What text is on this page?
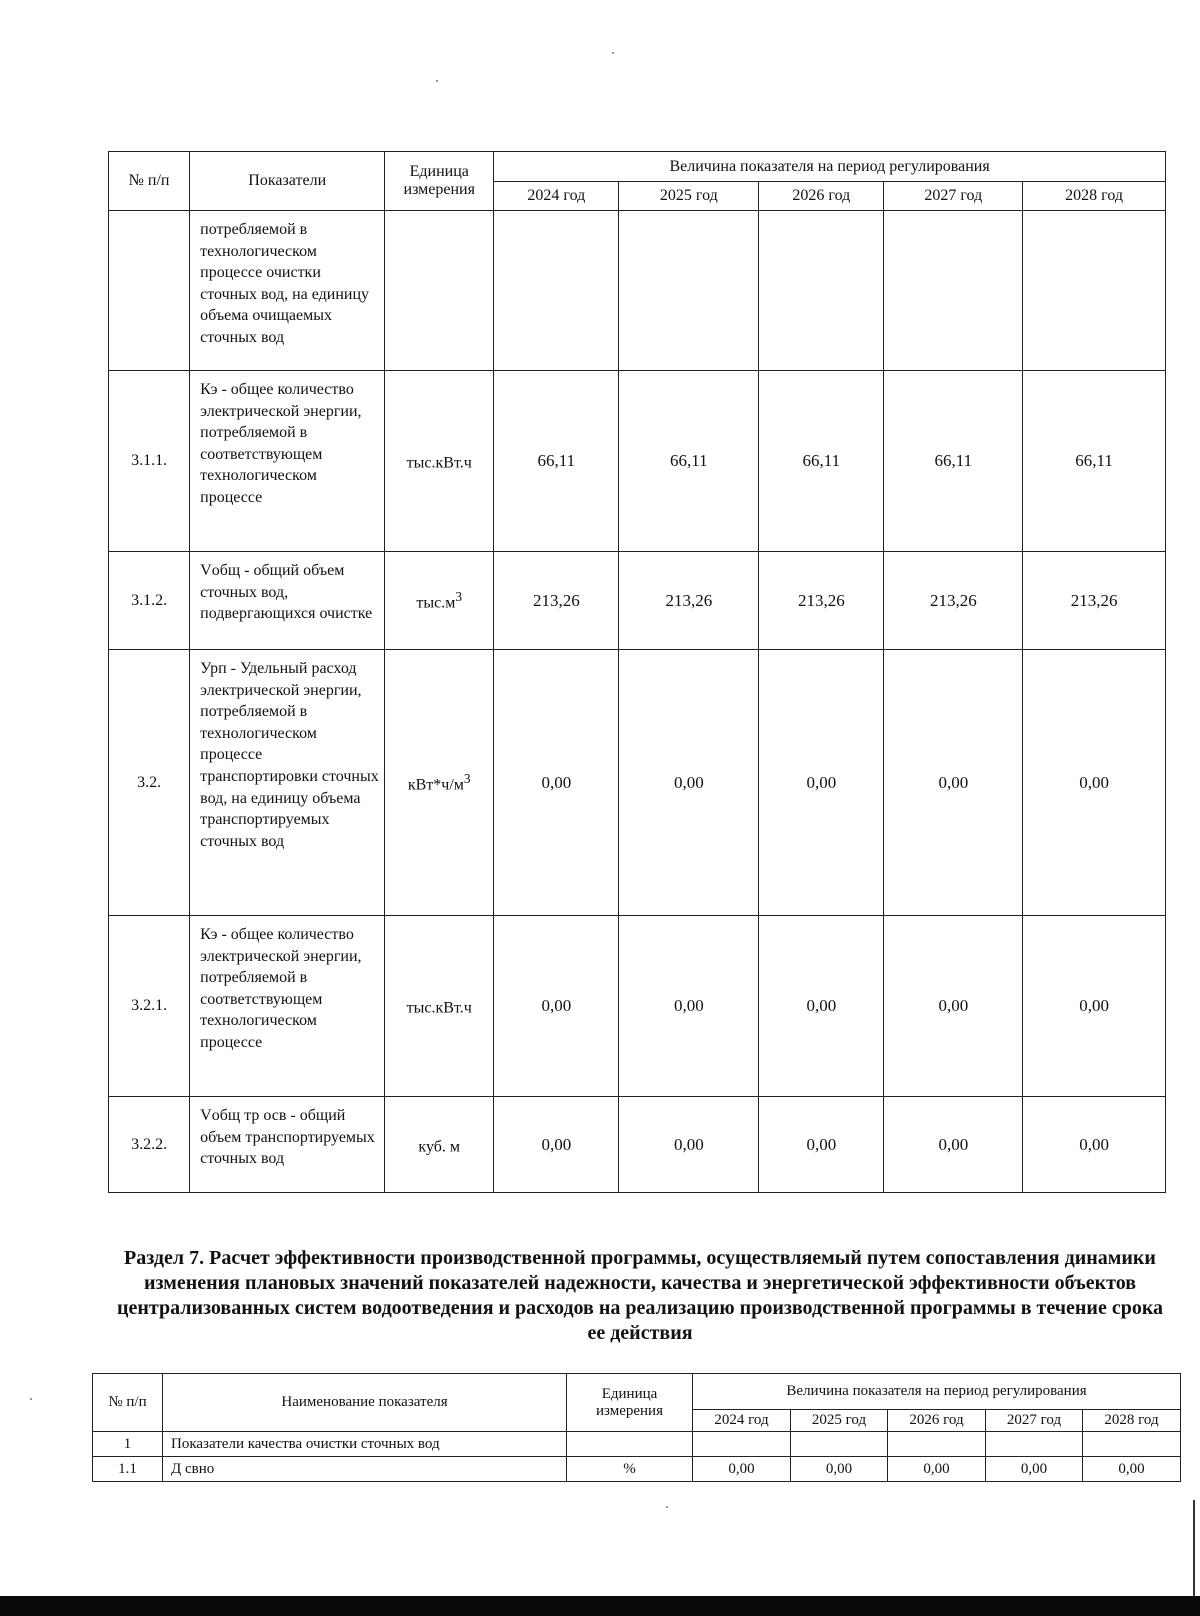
№ п/п	Показатели	Единица измерения	Величина показателя на период регулирования				
			2024 год	2025 год	2026 год	2027 год	2028 год
	потребляемой в технологическом процессе очистки сточных вод, на единицу объема очищаемых сточных вод						
3.1.1.	Кэ - общее количество электрической энергии, потребляемой в соответствующем технологическом процессе	тыс.кВт.ч	66,11	66,11	66,11	66,11	66,11
3.1.2.	Vобщ - общий объем сточных вод, подвергающихся очистке	$тыс.м^3$	213,26	213,26	213,26	213,26	213,26
3.2.	Урп - Удельный расход электрической энергии, потребляемой в технологическом процессе транспортировки сточных вод, на единицу объема транспортируемых сточных вод	$кВт*ч/м^3$	0,00	0,00	0,00	0,00	0,00
3.2.1.	Кэ - общее количество электрической энергии, потребляемой в соответствующем технологическом процессе	тыс.кВт.ч	0,00	0,00	0,00	0,00	0,00
3.2.2.	Vобщ тр осв - общий объем транспортируемых сточных вод	куб. м	0,00	0,00	0,00	0,00	0,00
Раздел 7. Расчет эффективности производственной программы, осуществляемый путем сопоставления динамики изменения плановых значений показателей надежности, качества и энергетической эффективности объектов централизованных систем водоотведения и расходов на реализацию производственной программы в течение срока ее действия
№ п/п	Наименование показателя	Единица измерения	Величина показателя на период регулирования				
			2024 год	2025 год	2026 год	2027 год	2028 год
1	Показатели качества очистки сточных вод						
1.1	Д свно	%	0,00	0,00	0,00	0,00	0,00
